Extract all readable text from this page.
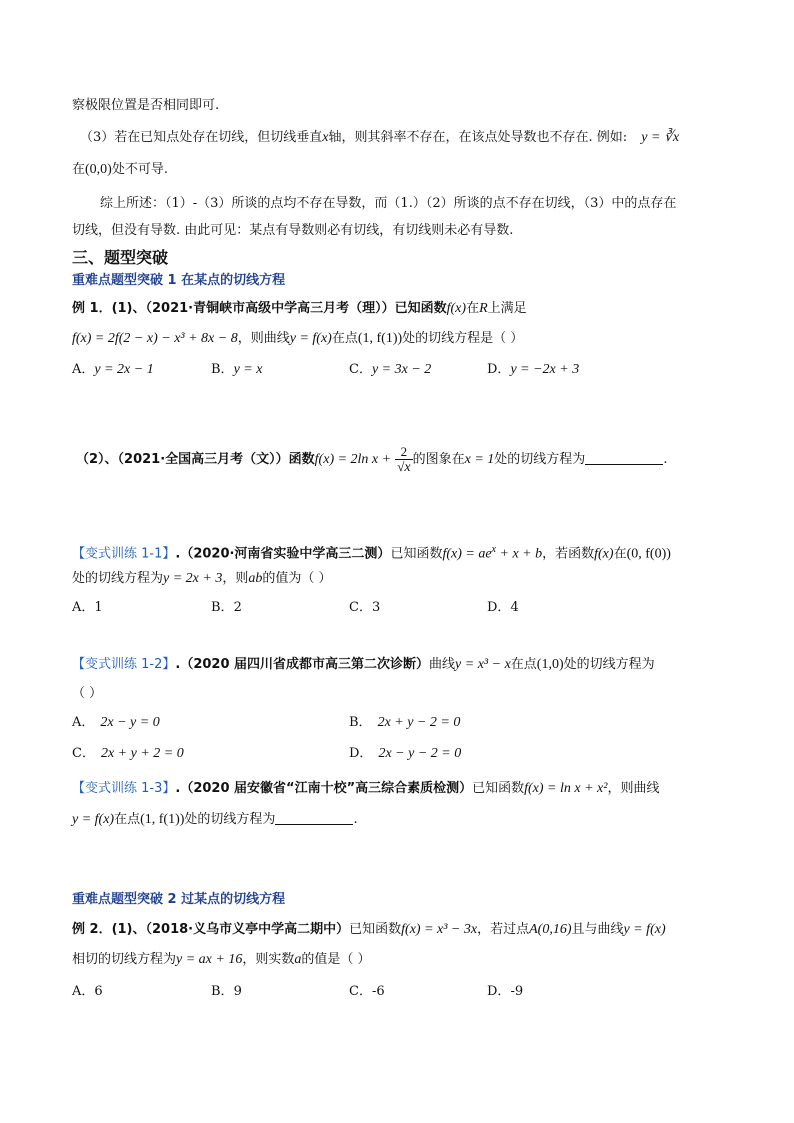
察极限位置是否相同即可.
（3）若在已知点处存在切线，但切线垂直x轴，则其斜率不存在，在该点处导数也不存在. 例如: y = ∛x
在(0,0)处不可导.
综上所述：（1）-（3）所谈的点均不存在导数，而（1.）（2）所谈的点不存在切线，（3）中的点存在
切线，但没有导数. 由此可见：某点有导数则必有切线，有切线则未必有导数.
三、题型突破
重难点题型突破 1 在某点的切线方程
例 1．(1)、（2021·青铜峡市高级中学高三月考（理））已知函数f(x)在R上满足
f(x) = 2f(2 − x) − x³ + 8x − 8，则曲线y = f(x)在点(1, f(1))处的切线方程是（ ）
A．y = 2x − 1	B．y = x	C．y = 3x − 2	D．y = −2x + 3
（2）、（2021·全国高三月考（文））函数f(x) = 2ln $x + \frac{2}{√x}$ 的图象在x = 1处的切线方程为	.
【变式训练 1-1】.（2020·河南省实验中学高三二测）已知函数$f(x) = ae^x + x + b$，若函数f(x)在(0, f(0))
处的切线方程为y = 2x + 3，则ab的值为（ ）
A．1	B．2	C．3	D．4
【变式训练 1-2】.（2020 届四川省成都市高三第二次诊断）曲线y = x³ − x在点(1,0)处的切线方程为
（ ）
A． 2x − y = 0	B． 2x + y − 2 = 0
C． 2x + y + 2 = 0	D． 2x − y − 2 = 0
【变式训练 1-3】.（2020 届安徽省“江南十校”高三综合素质检测）已知函数f(x) = ln x + x²，则曲线
y = f(x)在点(1, f(1))处的切线方程为	.
重难点题型突破 2 过某点的切线方程
例 2．(1)、（2018·义乌市义亭中学高二期中）已知函数f(x) = x³ − 3x，若过点A(0,16)且与曲线y = f(x)
相切的切线方程为y = ax + 16，则实数a的值是（ ）
A．6	B．9	C．-6	D．-9
